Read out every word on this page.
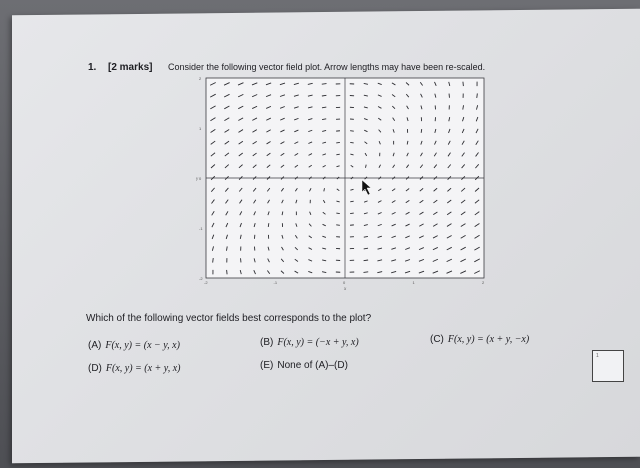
1. [2 marks] Consider the following vector field plot. Arrow lengths may have been re-scaled.
-2	-1	0	1	2
2
1
0
-1
-2
x
y
Which of the following vector fields best corresponds to the plot?
(A) F(x, y) = (x − y, x)	(B) F(x, y) = (−x + y, x)	(C) F(x, y) = (x + y, −x)
(D) F(x, y) = (x + y, x)	(E) None of (A)–(D)
1
